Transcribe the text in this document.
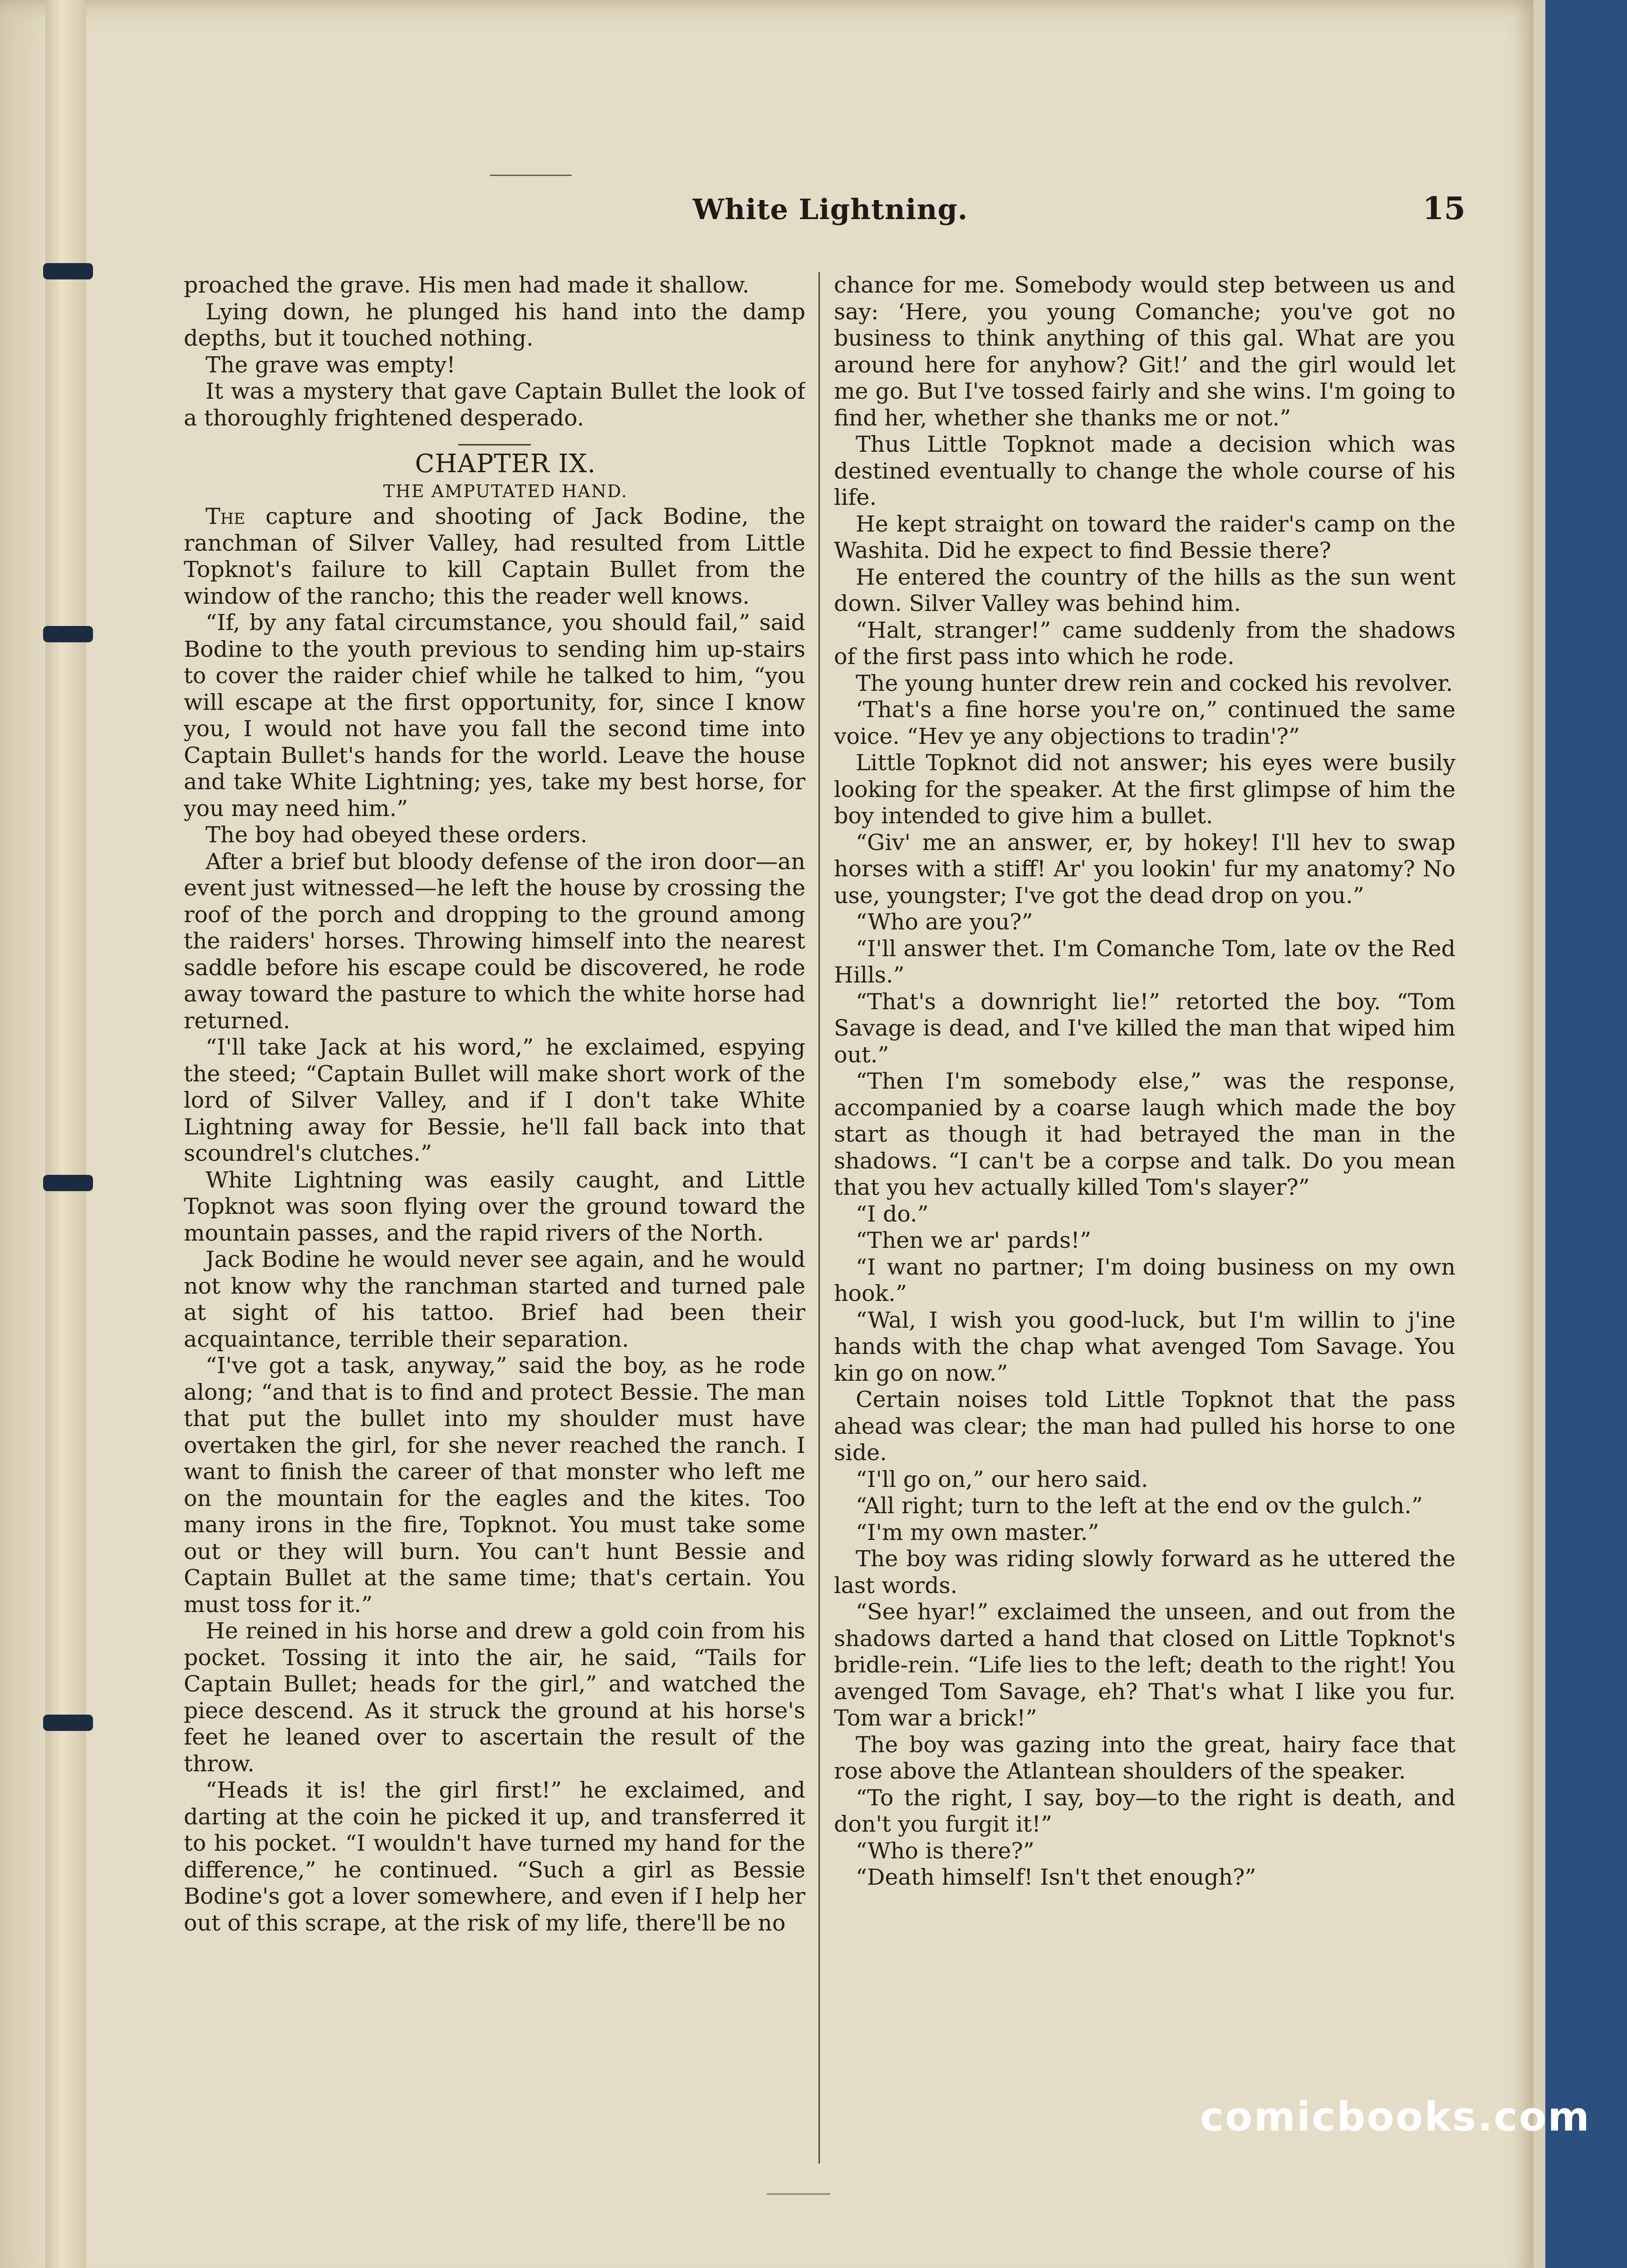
White Lightning.	15

proached the grave. His men had made it shallow.

Lying down, he plunged his hand into the damp depths, but it touched nothing.

The grave was empty!

It was a mystery that gave Captain Bullet the look of a thoroughly frightened desperado.

CHAPTER IX.

THE AMPUTATED HAND.

The capture and shooting of Jack Bodine, the ranchman of Silver Valley, had resulted from Little Topknot's failure to kill Captain Bullet from the window of the rancho; this the reader well knows.

“If, by any fatal circumstance, you should fail,” said Bodine to the youth previous to sending him up-stairs to cover the raider chief while he talked to him, “you will escape at the first opportunity, for, since I know you, I would not have you fall the second time into Captain Bullet's hands for the world. Leave the house and take White Lightning; yes, take my best horse, for you may need him.”

The boy had obeyed these orders.

After a brief but bloody defense of the iron door—an event just witnessed—he left the house by crossing the roof of the porch and dropping to the ground among the raiders' horses. Throwing himself into the nearest saddle before his escape could be discovered, he rode away toward the pasture to which the white horse had returned.

“I'll take Jack at his word,” he exclaimed, espying the steed; “Captain Bullet will make short work of the lord of Silver Valley, and if I don't take White Lightning away for Bessie, he'll fall back into that scoundrel's clutches.”

White Lightning was easily caught, and Little Topknot was soon flying over the ground toward the mountain passes, and the rapid rivers of the North.

Jack Bodine he would never see again, and he would not know why the ranchman started and turned pale at sight of his tattoo. Brief had been their acquaintance, terrible their separation.

“I've got a task, anyway,” said the boy, as he rode along; “and that is to find and protect Bessie. The man that put the bullet into my shoulder must have overtaken the girl, for she never reached the ranch. I want to finish the career of that monster who left me on the mountain for the eagles and the kites. Too many irons in the fire, Topknot. You must take some out or they will burn. You can't hunt Bessie and Captain Bullet at the same time; that's certain. You must toss for it.”

He reined in his horse and drew a gold coin from his pocket. Tossing it into the air, he said, “Tails for Captain Bullet; heads for the girl,” and watched the piece descend. As it struck the ground at his horse's feet he leaned over to ascertain the result of the throw.

“Heads it is! the girl first!” he exclaimed, and darting at the coin he picked it up, and transferred it to his pocket. “I wouldn't have turned my hand for the difference,” he continued. “Such a girl as Bessie Bodine's got a lover somewhere, and even if I help her out of this scrape, at the risk of my life, there'll be no

chance for me. Somebody would step between us and say: ‘Here, you young Comanche; you've got no business to think anything of this gal. What are you around here for anyhow? Git!’ and the girl would let me go. But I've tossed fairly and she wins. I'm going to find her, whether she thanks me or not.”

Thus Little Topknot made a decision which was destined eventually to change the whole course of his life.

He kept straight on toward the raider's camp on the Washita. Did he expect to find Bessie there?

He entered the country of the hills as the sun went down. Silver Valley was behind him.

“Halt, stranger!” came suddenly from the shadows of the first pass into which he rode.

The young hunter drew rein and cocked his revolver.

‘That's a fine horse you're on,” continued the same voice. “Hev ye any objections to tradin'?”

Little Topknot did not answer; his eyes were busily looking for the speaker. At the first glimpse of him the boy intended to give him a bullet.

“Giv' me an answer, er, by hokey! I'll hev to swap horses with a stiff! Ar' you lookin' fur my anatomy? No use, youngster; I've got the dead drop on you.”

“Who are you?”

“I'll answer thet. I'm Comanche Tom, late ov the Red Hills.”

“That's a downright lie!” retorted the boy. “Tom Savage is dead, and I've killed the man that wiped him out.”

“Then I'm somebody else,” was the response, accompanied by a coarse laugh which made the boy start as though it had betrayed the man in the shadows. “I can't be a corpse and talk. Do you mean that you hev actually killed Tom's slayer?”

“I do.”

“Then we ar' pards!”

“I want no partner; I'm doing business on my own hook.”

“Wal, I wish you good-luck, but I'm willin to j'ine hands with the chap what avenged Tom Savage. You kin go on now.”

Certain noises told Little Topknot that the pass ahead was clear; the man had pulled his horse to one side.

“I'll go on,” our hero said.

“All right; turn to the left at the end ov the gulch.”

“I'm my own master.”

The boy was riding slowly forward as he uttered the last words.

“See hyar!” exclaimed the unseen, and out from the shadows darted a hand that closed on Little Topknot's bridle-rein. “Life lies to the left; death to the right! You avenged Tom Savage, eh? That's what I like you fur. Tom war a brick!”

The boy was gazing into the great, hairy face that rose above the Atlantean shoulders of the speaker.

“To the right, I say, boy—to the right is death, and don't you furgit it!”

“Who is there?”

“Death himself! Isn't thet enough?”

comicbooks.com
